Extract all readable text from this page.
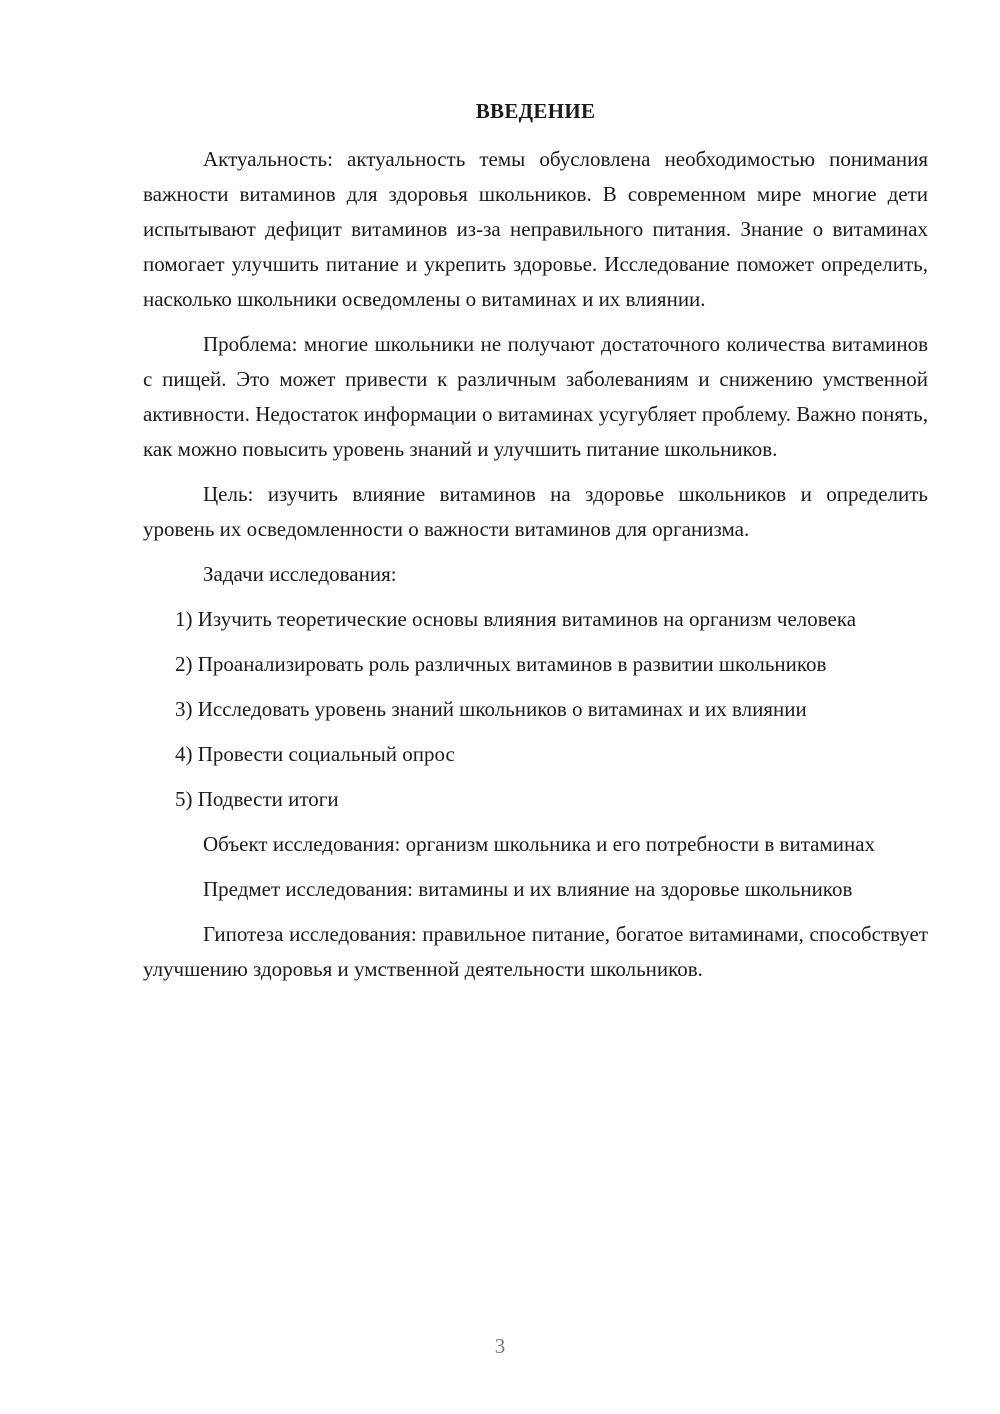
ВВЕДЕНИЕ

Актуальность: актуальность темы обусловлена необходимостью понимания важности витаминов для здоровья школьников. В современном мире многие дети испытывают дефицит витаминов из-за неправильного питания. Знание о витаминах помогает улучшить питание и укрепить здоровье. Исследование поможет определить, насколько школьники осведомлены о витаминах и их влиянии.

Проблема: многие школьники не получают достаточного количества витаминов с пищей. Это может привести к различным заболеваниям и снижению умственной активности. Недостаток информации о витаминах усугубляет проблему. Важно понять, как можно повысить уровень знаний и улучшить питание школьников.

Цель: изучить влияние витаминов на здоровье школьников и определить уровень их осведомленности о важности витаминов для организма.

Задачи исследования:

1) Изучить теоретические основы влияния витаминов на организм человека

2) Проанализировать роль различных витаминов в развитии школьников

3) Исследовать уровень знаний школьников о витаминах и их влиянии

4) Провести социальный опрос

5) Подвести итоги

Объект исследования: организм школьника и его потребности в витаминах

Предмет исследования: витамины и их влияние на здоровье школьников

Гипотеза исследования: правильное питание, богатое витаминами, способствует улучшению здоровья и умственной деятельности школьников.

3
